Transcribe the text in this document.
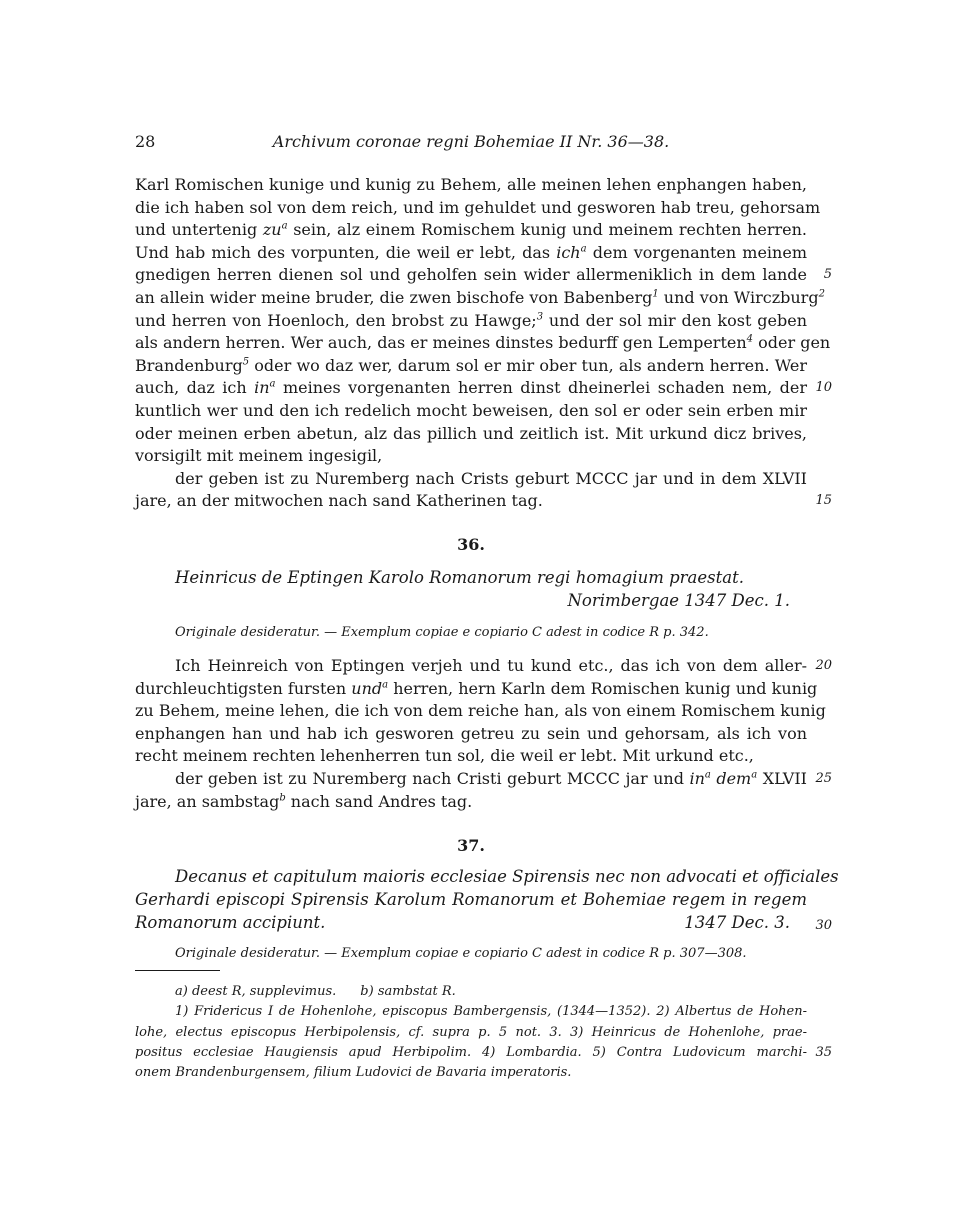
28	Archivum coronae regni Bohemiae II Nr. 36—38.
Karl Romischen kunige und kunig zu Behem, alle meinen lehen enphangen haben,
die ich haben sol von dem reich, und im gehuldet und gesworen hab treu, gehorsam
und untertenig $zu^a$ sein, alz einem Romischem kunig und meinem rechten herren.
Und hab mich des vorpunten, die weil er lebt, das ich$^a$ dem vorgenanten meinem
gnedigen herren dienen sol und geholfen sein wider allermeniklich in dem lande 5
an allein wider meine bruder, die zwen bischofe von Babenberg$^1$ und von Wirczburg$^2$
und herren von Hoenloch, den brobst zu Hawge;$^3$ und der sol mir den kost geben
als andern herren. Wer auch, das er meines dinstes bedurff gen Lemperten$^4$ oder gen
Brandenburg$^5$ oder wo daz wer, darum sol er mir ober tun, als andern herren. Wer
auch, daz ich $in^a$ meines vorgenanten herren dinst dheinerlei schaden nem, der 10
kuntlich wer und den ich redelich mocht beweisen, den sol er oder sein erben mir
oder meinen erben abetun, alz das pillich und zeitlich ist. Mit urkund dicz brives,
vorsigilt mit meinem ingesigil,
der geben ist zu Nuremberg nach Crists geburt MCCC jar und in dem XLVII
jare, an der mitwochen nach sand Katherinen tag.	15
36.
Heinricus de Eptingen Karolo Romanorum regi homagium praestat.
Norimbergae 1347 Dec. 1.
Originale desideratur. — Exemplum copiae e copiario C adest in codice R p. 342.
Ich Heinreich von Eptingen verjeh und tu kund etc., das ich von dem aller- 20
durchleuchtigsten fursten und$^a$ herren, hern Karln dem Romischen kunig und kunig
zu Behem, meine lehen, die ich von dem reiche han, als von einem Romischem kunig
enphangen han und hab ich gesworen getreu zu sein und gehorsam, als ich von
recht meinem rechten lehenherren tun sol, die weil er lebt. Mit urkund etc.,
der geben ist zu Nuremberg nach Cristi geburt MCCC jar und $in^a$ dem$^a$ XLVII 25
jare, an sambstag$^b$ nach sand Andres tag.
37.
Decanus et capitulum maioris ecclesiae Spirensis nec non advocati et officiales
Gerhardi episcopi Spirensis Karolum Romanorum et Bohemiae regem in regem
Romanorum accipiunt.	1347 Dec. 3. 30
Originale desideratur. — Exemplum copiae e copiario C adest in codice R p. 307—308.
a) deest R, supplevimus. b) sambstat R.
1) Fridericus I de Hohenlohe, episcopus Bambergensis, (1344—1352). 2) Albertus de Hohen-
lohe, electus episcopus Herbipolensis, cf. supra p. 5 not. 3. 3) Heinricus de Hohenlohe, prae-
positus ecclesiae Haugiensis apud Herbipolim. 4) Lombardia. 5) Contra Ludovicum marchi- 35
onem Brandenburgensem, filium Ludovici de Bavaria imperatoris.
